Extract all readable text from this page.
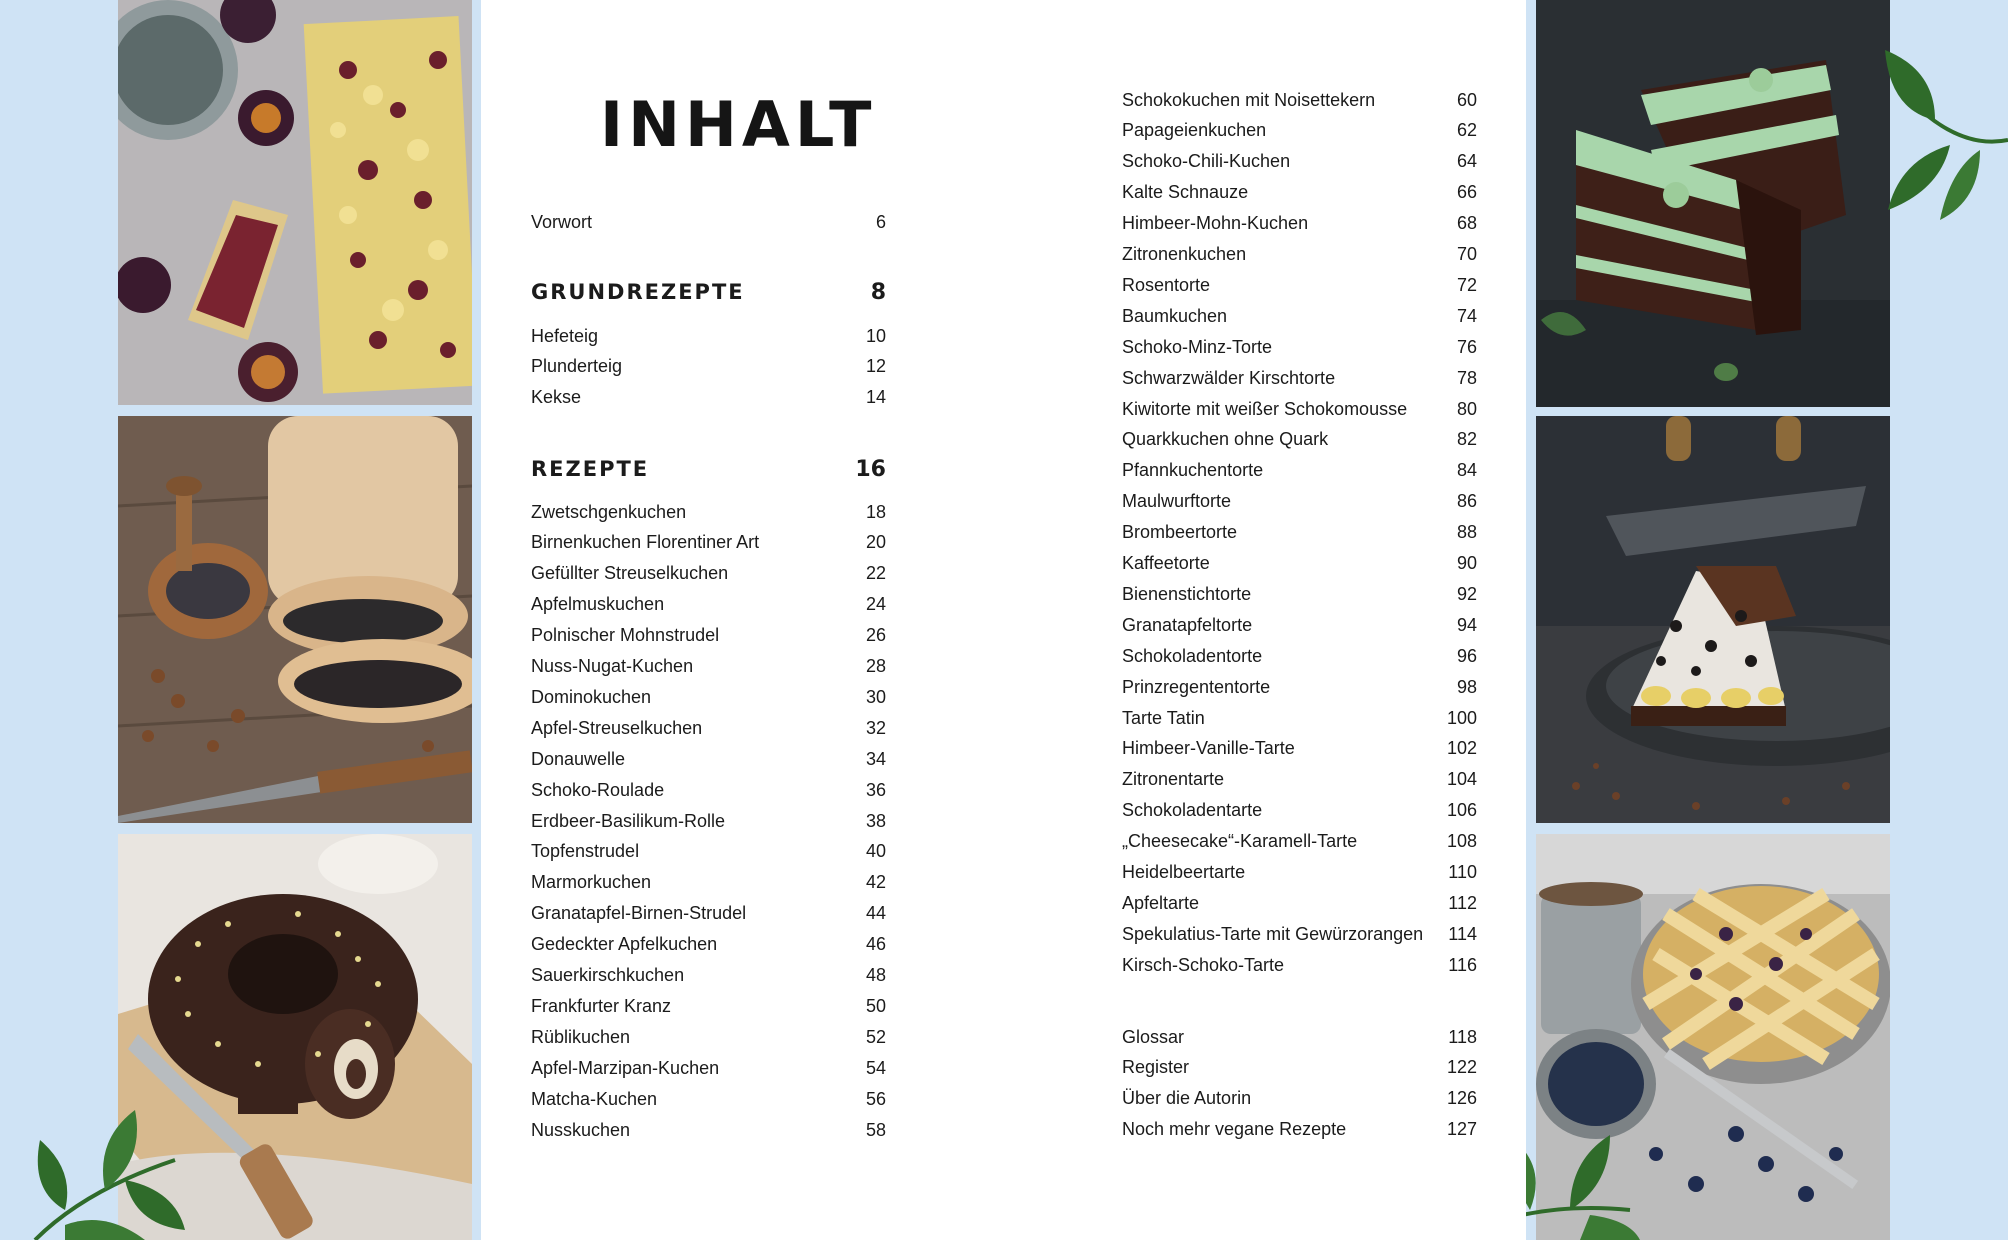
INHALT
Vorwort	6
GRUNDREZEPTE	8
Hefeteig	10
Plunderteig	12
Kekse	14
REZEPTE	16
Zwetschgenkuchen	18
Birnenkuchen Florentiner Art	20
Gefüllter Streuselkuchen	22
Apfelmuskuchen	24
Polnischer Mohnstrudel	26
Nuss-Nugat-Kuchen	28
Dominokuchen	30
Apfel-Streuselkuchen	32
Donauwelle	34
Schoko-Roulade	36
Erdbeer-Basilikum-Rolle	38
Topfenstrudel	40
Marmorkuchen	42
Granatapfel-Birnen-Strudel	44
Gedeckter Apfelkuchen	46
Sauerkirschkuchen	48
Frankfurter Kranz	50
Rüblikuchen	52
Apfel-Marzipan-Kuchen	54
Matcha-Kuchen	56
Nusskuchen	58
Schokokuchen mit Noisettekern	60
Papageienkuchen	62
Schoko-Chili-Kuchen	64
Kalte Schnauze	66
Himbeer-Mohn-Kuchen	68
Zitronenkuchen	70
Rosentorte	72
Baumkuchen	74
Schoko-Minz-Torte	76
Schwarzwälder Kirschtorte	78
Kiwitorte mit weißer Schokomousse	80
Quarkkuchen ohne Quark	82
Pfannkuchentorte	84
Maulwurftorte	86
Brombeertorte	88
Kaffeetorte	90
Bienenstichtorte	92
Granatapfeltorte	94
Schokoladentorte	96
Prinzregententorte	98
Tarte Tatin	100
Himbeer-Vanille-Tarte	102
Zitronentarte	104
Schokoladentarte	106
„Cheesecake“-Karamell-Tarte	108
Heidelbeertarte	110
Apfeltarte	112
Spekulatius-Tarte mit Gewürzorangen 114
Kirsch-Schoko-Tarte	116
Glossar	118
Register	122
Über die Autorin	126
Noch mehr vegane Rezepte	127
